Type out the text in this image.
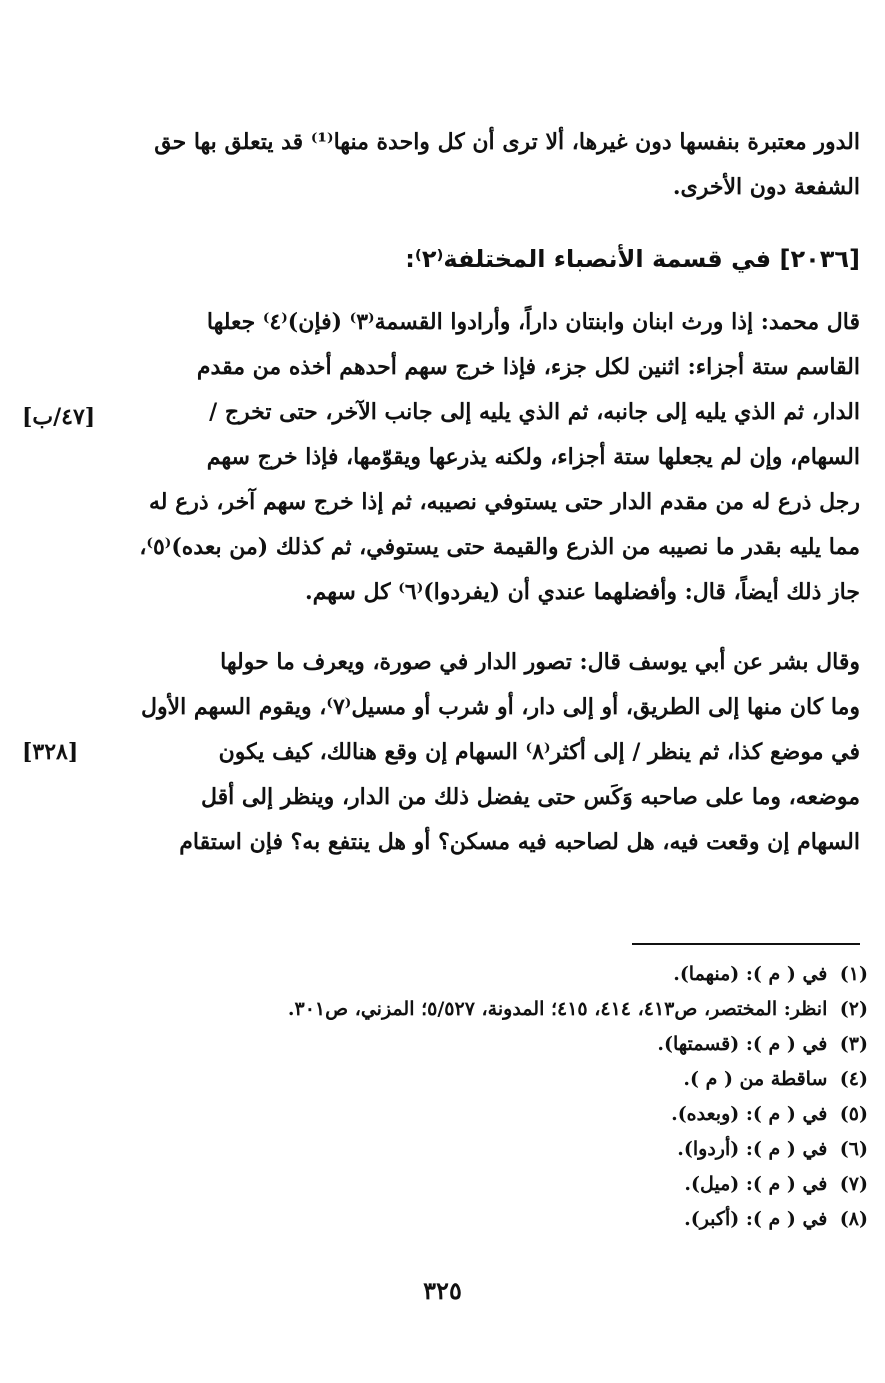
الدور معتبرة بنفسها دون غيرها، ألا ترى أن كل واحدة منها⁽¹⁾ قد يتعلق بها حق
الشفعة دون الأخرى.
[٢٠٣٦] في قسمة الأنصباء المختلفة⁽٢⁾:
قال محمد: إذا ورث ابنان وابنتان داراً، وأرادوا القسمة⁽٣⁾ (فإن)⁽٤⁾ جعلها
القاسم ستة أجزاء: اثنين لكل جزء، فإذا خرج سهم أحدهم أخذه من مقدم
الدار، ثم الذي يليه إلى جانبه، ثم الذي يليه إلى جانب الآخر، حتى تخرج /
السهام، وإن لم يجعلها ستة أجزاء، ولكنه يذرعها ويقوّمها، فإذا خرج سهم
رجل ذرع له من مقدم الدار حتى يستوفي نصيبه، ثم إذا خرج سهم آخر، ذرع له
مما يليه بقدر ما نصيبه من الذرع والقيمة حتى يستوفي، ثم كذلك (من بعده)⁽٥⁾،
جاز ذلك أيضاً، قال: وأفضلهما عندي أن (يفردوا)⁽٦⁾ كل سهم.
[٤٧/ب]
وقال بشر عن أبي يوسف قال: تصور الدار في صورة، ويعرف ما حولها
وما كان منها إلى الطريق، أو إلى دار، أو شرب أو مسيل⁽٧⁾، ويقوم السهم الأول
في موضع كذا، ثم ينظر / إلى أكثر⁽٨⁾ السهام إن وقع هنالك، كيف يكون
موضعه، وما على صاحبه وَكَس حتى يفضل ذلك من الدار، وينظر إلى أقل
السهام إن وقعت فيه، هل لصاحبه فيه مسكن؟ أو هل ينتفع به؟ فإن استقام
[٣٢٨]
(١) في ( م ): (منهما).
(٢) انظر: المختصر، ص٤١٣، ٤١٤، ٤١٥؛ المدونة، ٥/٥٢٧؛ المزني، ص٣٠١.
(٣) في ( م ): (قسمتها).
(٤) ساقطة من ( م ).
(٥) في ( م ): (وبعده).
(٦) في ( م ): (أردوا).
(٧) في ( م ): (ميل).
(٨) في ( م ): (أكبر).
٣٢٥
